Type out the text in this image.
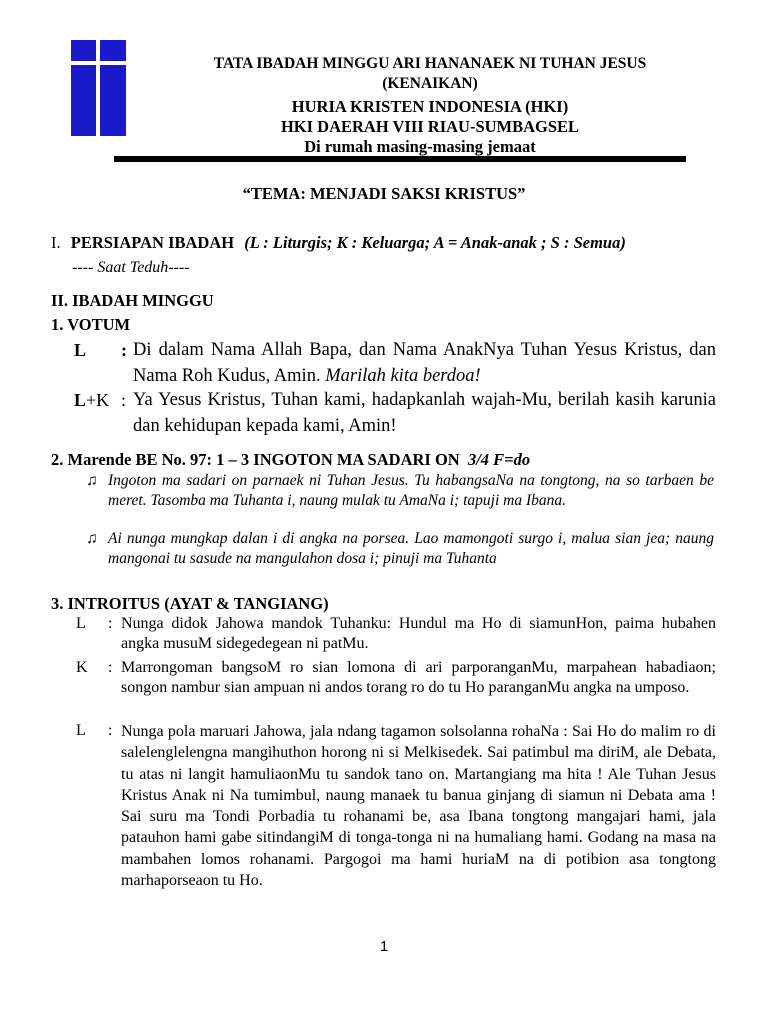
TATA IBADAH MINGGU ARI HANANAEK NI TUHAN JESUS
(KENAIKAN)
HURIA KRISTEN INDONESIA (HKI)
HKI DAERAH VIII RIAU-SUMBAGSEL
Di rumah masing-masing jemaat
“TEMA: MENJADI SAKSI KRISTUS”
I. PERSIAPAN IBADAH (L : Liturgis; K : Keluarga; A = Anak-anak ; S : Semua)
---- Saat Teduh----
II. IBADAH MINGGU
1. VOTUM
L : Di dalam Nama Allah Bapa, dan Nama AnakNya Tuhan Yesus Kristus, dan Nama Roh Kudus, Amin. Marilah kita berdoa!
L+K : Ya Yesus Kristus, Tuhan kami, hadapkanlah wajah-Mu, berilah kasih karunia dan kehidupan kepada kami, Amin!
2. Marende BE No. 97: 1 – 3 INGOTON MA SADARI ON 3/4 F=do
♫ Ingoton ma sadari on parnaek ni Tuhan Jesus. Tu habangsaNa na tongtong, na so tarbaen be meret. Tasomba ma Tuhanta i, naung mulak tu AmaNa i; tapuji ma Ibana.
♫ Ai nunga mungkap dalan i di angka na porsea. Lao mamongoti surgo i, malua sian jea; naung mangonai tu sasude na mangulahon dosa i; pinuji ma Tuhanta
3. INTROITUS (AYAT & TANGIANG)
L : Nunga didok Jahowa mandok Tuhanku: Hundul ma Ho di siamunHon, paima hubahen angka musuM sidegedegean ni patMu.
K : Marrongoman bangsoM ro sian lomona di ari parporanganMu, marpahean habadiaon; songon nambur sian ampuan ni andos torang ro do tu Ho paranganMu angka na umposo.
L : Nunga pola maruari Jahowa, jala ndang tagamon solsolanna rohaNa : Sai Ho do malim ro di salelenglelengna mangihuthon horong ni si Melkisedek. Sai patimbul ma diriM, ale Debata, tu atas ni langit hamuliaonMu tu sandok tano on. Martangiang ma hita ! Ale Tuhan Jesus Kristus Anak ni Na tumimbul, naung manaek tu banua ginjang di siamun ni Debata ama ! Sai suru ma Tondi Porbadia tu rohanami be, asa Ibana tongtong mangajari hami, jala patauhon hami gabe sitindangiM di tonga-tonga ni na humaliang hami. Godang na masa na mambahen lomos rohanami. Pargogoi ma hami huriaM na di potibion asa tongtong marhaporseaon tu Ho.
1
